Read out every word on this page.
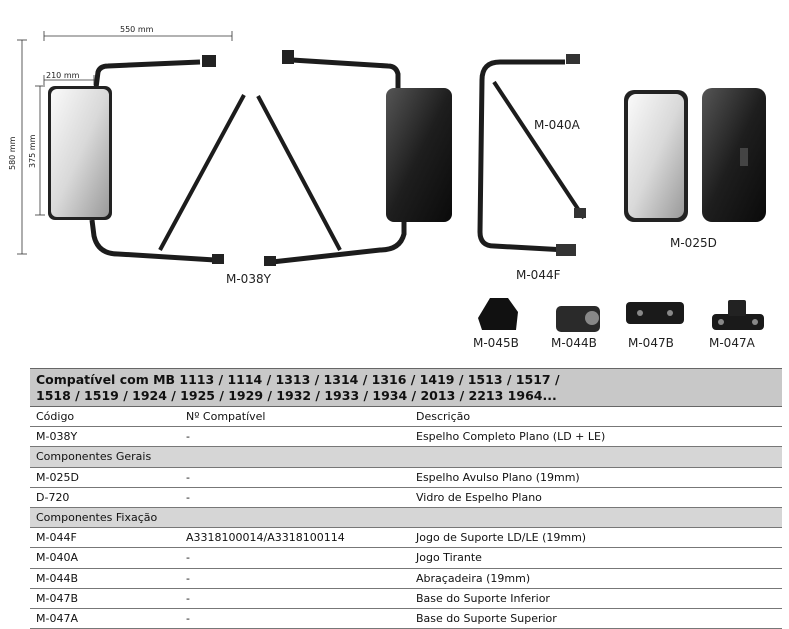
550 mm
210 mm
580 mm 375 mm
M-038Y
M-040A
M-044F
M-025D
M-045B	M-044B	M-047B	M-047A
Compatível com MB 1113 / 1114 / 1313 / 1314 / 1316 / 1419 / 1513 / 1517 /
1518 / 1519 / 1924 / 1925 / 1929 / 1932 / 1933 / 1934 / 2013 / 2213 1964...
Código	Nº Compatível	Descrição
M-038Y	-	Espelho Completo Plano (LD + LE)
Componentes Gerais
M-025D	-	Espelho Avulso Plano (19mm)
D-720	-	Vidro de Espelho Plano
Componentes Fixação
M-044F	A3318100014/A3318100114	Jogo de Suporte LD/LE (19mm)
M-040A	-	Jogo Tirante
M-044B	-	Abraçadeira (19mm)
M-047B	-	Base do Suporte Inferior
M-047A	-	Base do Suporte Superior
